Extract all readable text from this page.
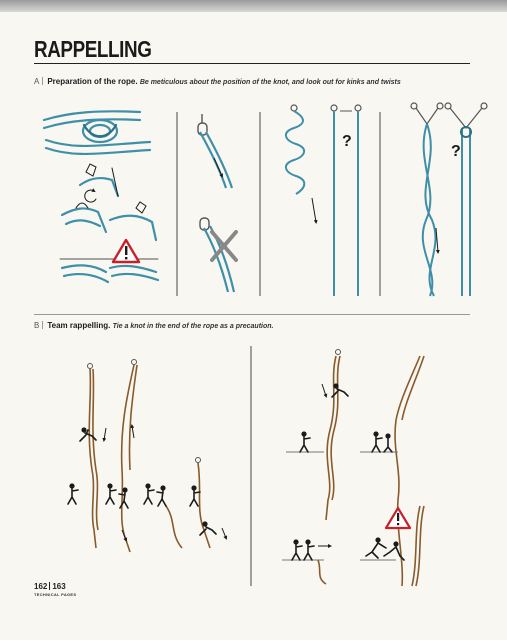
RAPPELLING
A Preparation of the rope. Be meticulous about the position of the knot, and look out for kinks and twists
?
?
B Team rappelling. Tie a knot in the end of the rope as a precaution.
162 163
TECHNICAL PAGES
